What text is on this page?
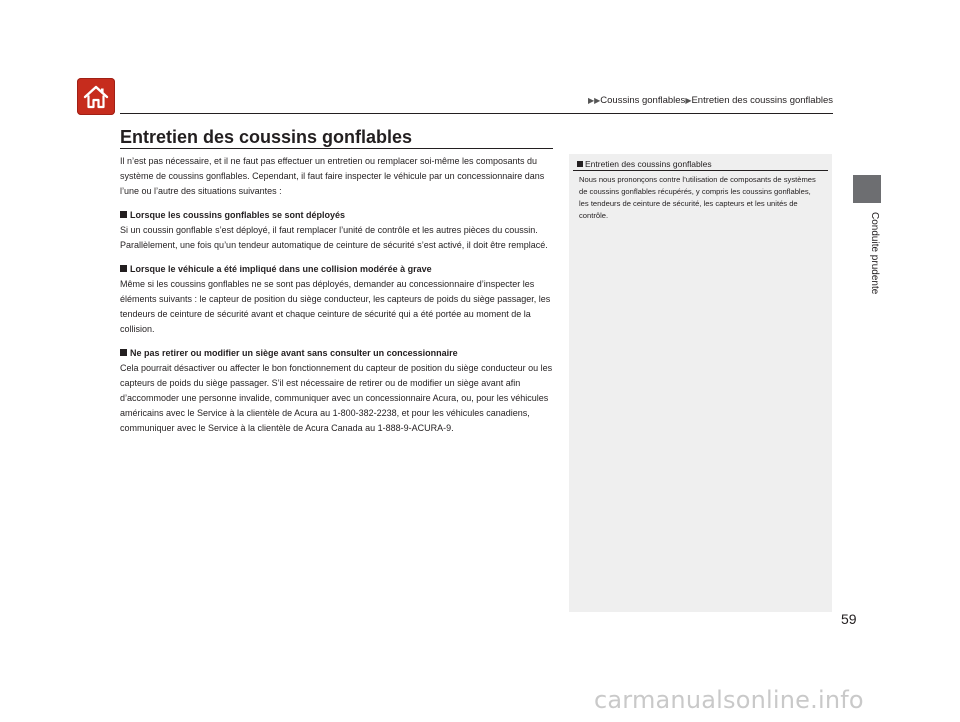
▶▶Coussins gonflables▶Entretien des coussins gonflables
Conduite prudente
Entretien des coussins gonflables

Il n’est pas nécessaire, et il ne faut pas effectuer un entretien ou remplacer soi-même les composants du système de coussins gonflables. Cependant, il faut faire inspecter le véhicule par un concessionnaire dans l’une ou l’autre des situations suivantes :

Lorsque les coussins gonflables se sont déployés

Si un coussin gonflable s’est déployé, il faut remplacer l’unité de contrôle et les autres pièces du coussin. Parallèlement, une fois qu’un tendeur automatique de ceinture de sécurité s’est activé, il doit être remplacé.

Lorsque le véhicule a été impliqué dans une collision modérée à grave

Même si les coussins gonflables ne se sont pas déployés, demander au concessionnaire d’inspecter les éléments suivants : le capteur de position du siège conducteur, les capteurs de poids du siège passager, les tendeurs de ceinture de sécurité avant et chaque ceinture de sécurité qui a été portée au moment de la collision.

Ne pas retirer ou modifier un siège avant sans consulter un concessionnaire

Cela pourrait désactiver ou affecter le bon fonctionnement du capteur de position du siège conducteur ou les capteurs de poids du siège passager. S’il est nécessaire de retirer ou de modifier un siège avant afin d’accommoder une personne invalide, communiquer avec un concessionnaire Acura, ou, pour les véhicules américains avec le Service à la clientèle de Acura au 1-800-382-2238, et pour les véhicules canadiens, communiquer avec le Service à la clientèle de Acura Canada au 1-888-9-ACURA-9.

Entretien des coussins gonflables
Nous nous prononçons contre l’utilisation de composants de systèmes de coussins gonflables récupérés, y compris les coussins gonflables, les tendeurs de ceinture de sécurité, les capteurs et les unités de contrôle.
59
carmanualsonline.info
